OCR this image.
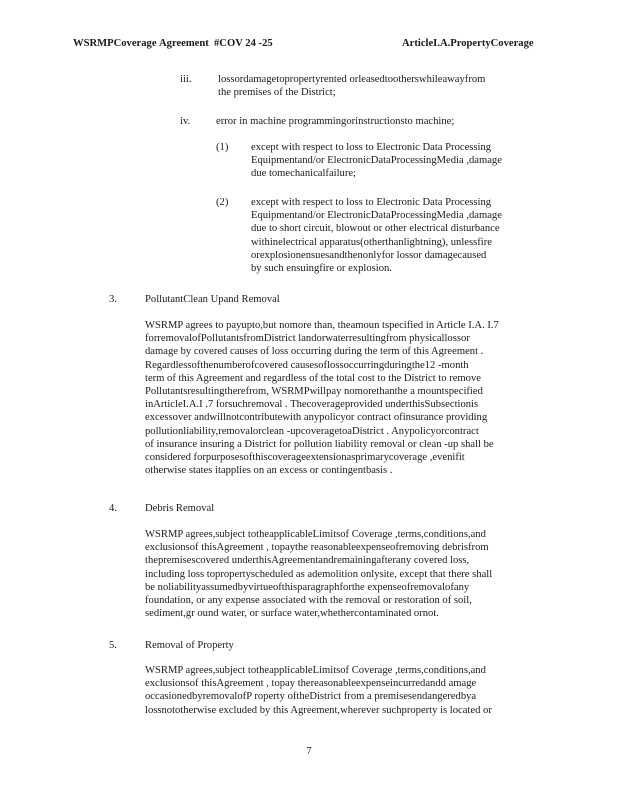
WSRMPCoverage Agreement #COV 24 -25	ArticleI.A.PropertyCoverage
iii.	lossordamagetopropertyrented orleasedtootherswhileawayfrom
the premises of the District;
iv. error in machine programmingorinstructionsto machine;
(1) except with respect to loss to Electronic Data Processing

Equipmentand/or ElectronicDataProcessingMedia ,damage

due tomechanicalfailure;

(2) except with respect to loss to Electronic Data Processing

Equipmentand/or ElectronicDataProcessingMedia ,damage

due to short circuit, blowout or other electrical disturbance

withinelectrical apparatus(otherthanlightning), unlessfire

orexplosionensuesandthenonlyfor lossor damagecaused

by such ensuingfire or explosion.

3.	PollutantClean Upand Removal

WSRMP agrees to payupto,but nomore than, theamoun tspecified in Article I.A. I.7

forremovalofPollutantsfromDistrict landorwaterresultingfrom physicallossor

damage by covered causes of loss occurring during the term of this Agreement .

Regardlessofthenumberofcovered causesoflossoccurringduringthe12 -month

term of this Agreement and regardless of the total cost to the District to remove

Pollutantsresultingtherefrom, WSRMPwillpay nomorethanthe a mountspecified

inArticleI.A.I .7 forsuchremoval . Thecoverageprovided underthisSubsectionis

excessover andwillnotcontributewith anypolicyor contract ofinsurance providing

pollutionliability,removalorclean -upcoveragetoaDistrict . Anypolicyorcontract

of insurance insuring a District for pollution liability removal or clean -up shall be

considered forpurposesofthiscoverageextensionasprimarycoverage ,evenifit

otherwise states itapplies on an excess or contingentbasis .

4.	Debris Removal

WSRMP agrees,subject totheapplicableLimitsof Coverage ,terms,conditions,and

exclusionsof thisAgreement , topaythe reasonableexpenseofremoving debrisfrom

thepremisescovered underthisAgreementandremainingafterany covered loss,

including loss topropertyscheduled as ademolition onlysite, except that there shall

be noliabilityassumedbyvirtueofthisparagraphforthe expenseofremovalofany

foundation, or any expense associated with the removal or restoration of soil,

sediment,gr ound water, or surface water,whethercontaminated ornot.

5.	Removal of Property

WSRMP agrees,subject totheapplicableLimitsof Coverage ,terms,conditions,and

exclusionsof thisAgreement , topay thereasonableexpenseincurredandd amage

occasionedbyremovalofP roperty oftheDistrict from a premisesendangeredbya

lossnototherwise excluded by this Agreement,wherever suchproperty is located or

7
